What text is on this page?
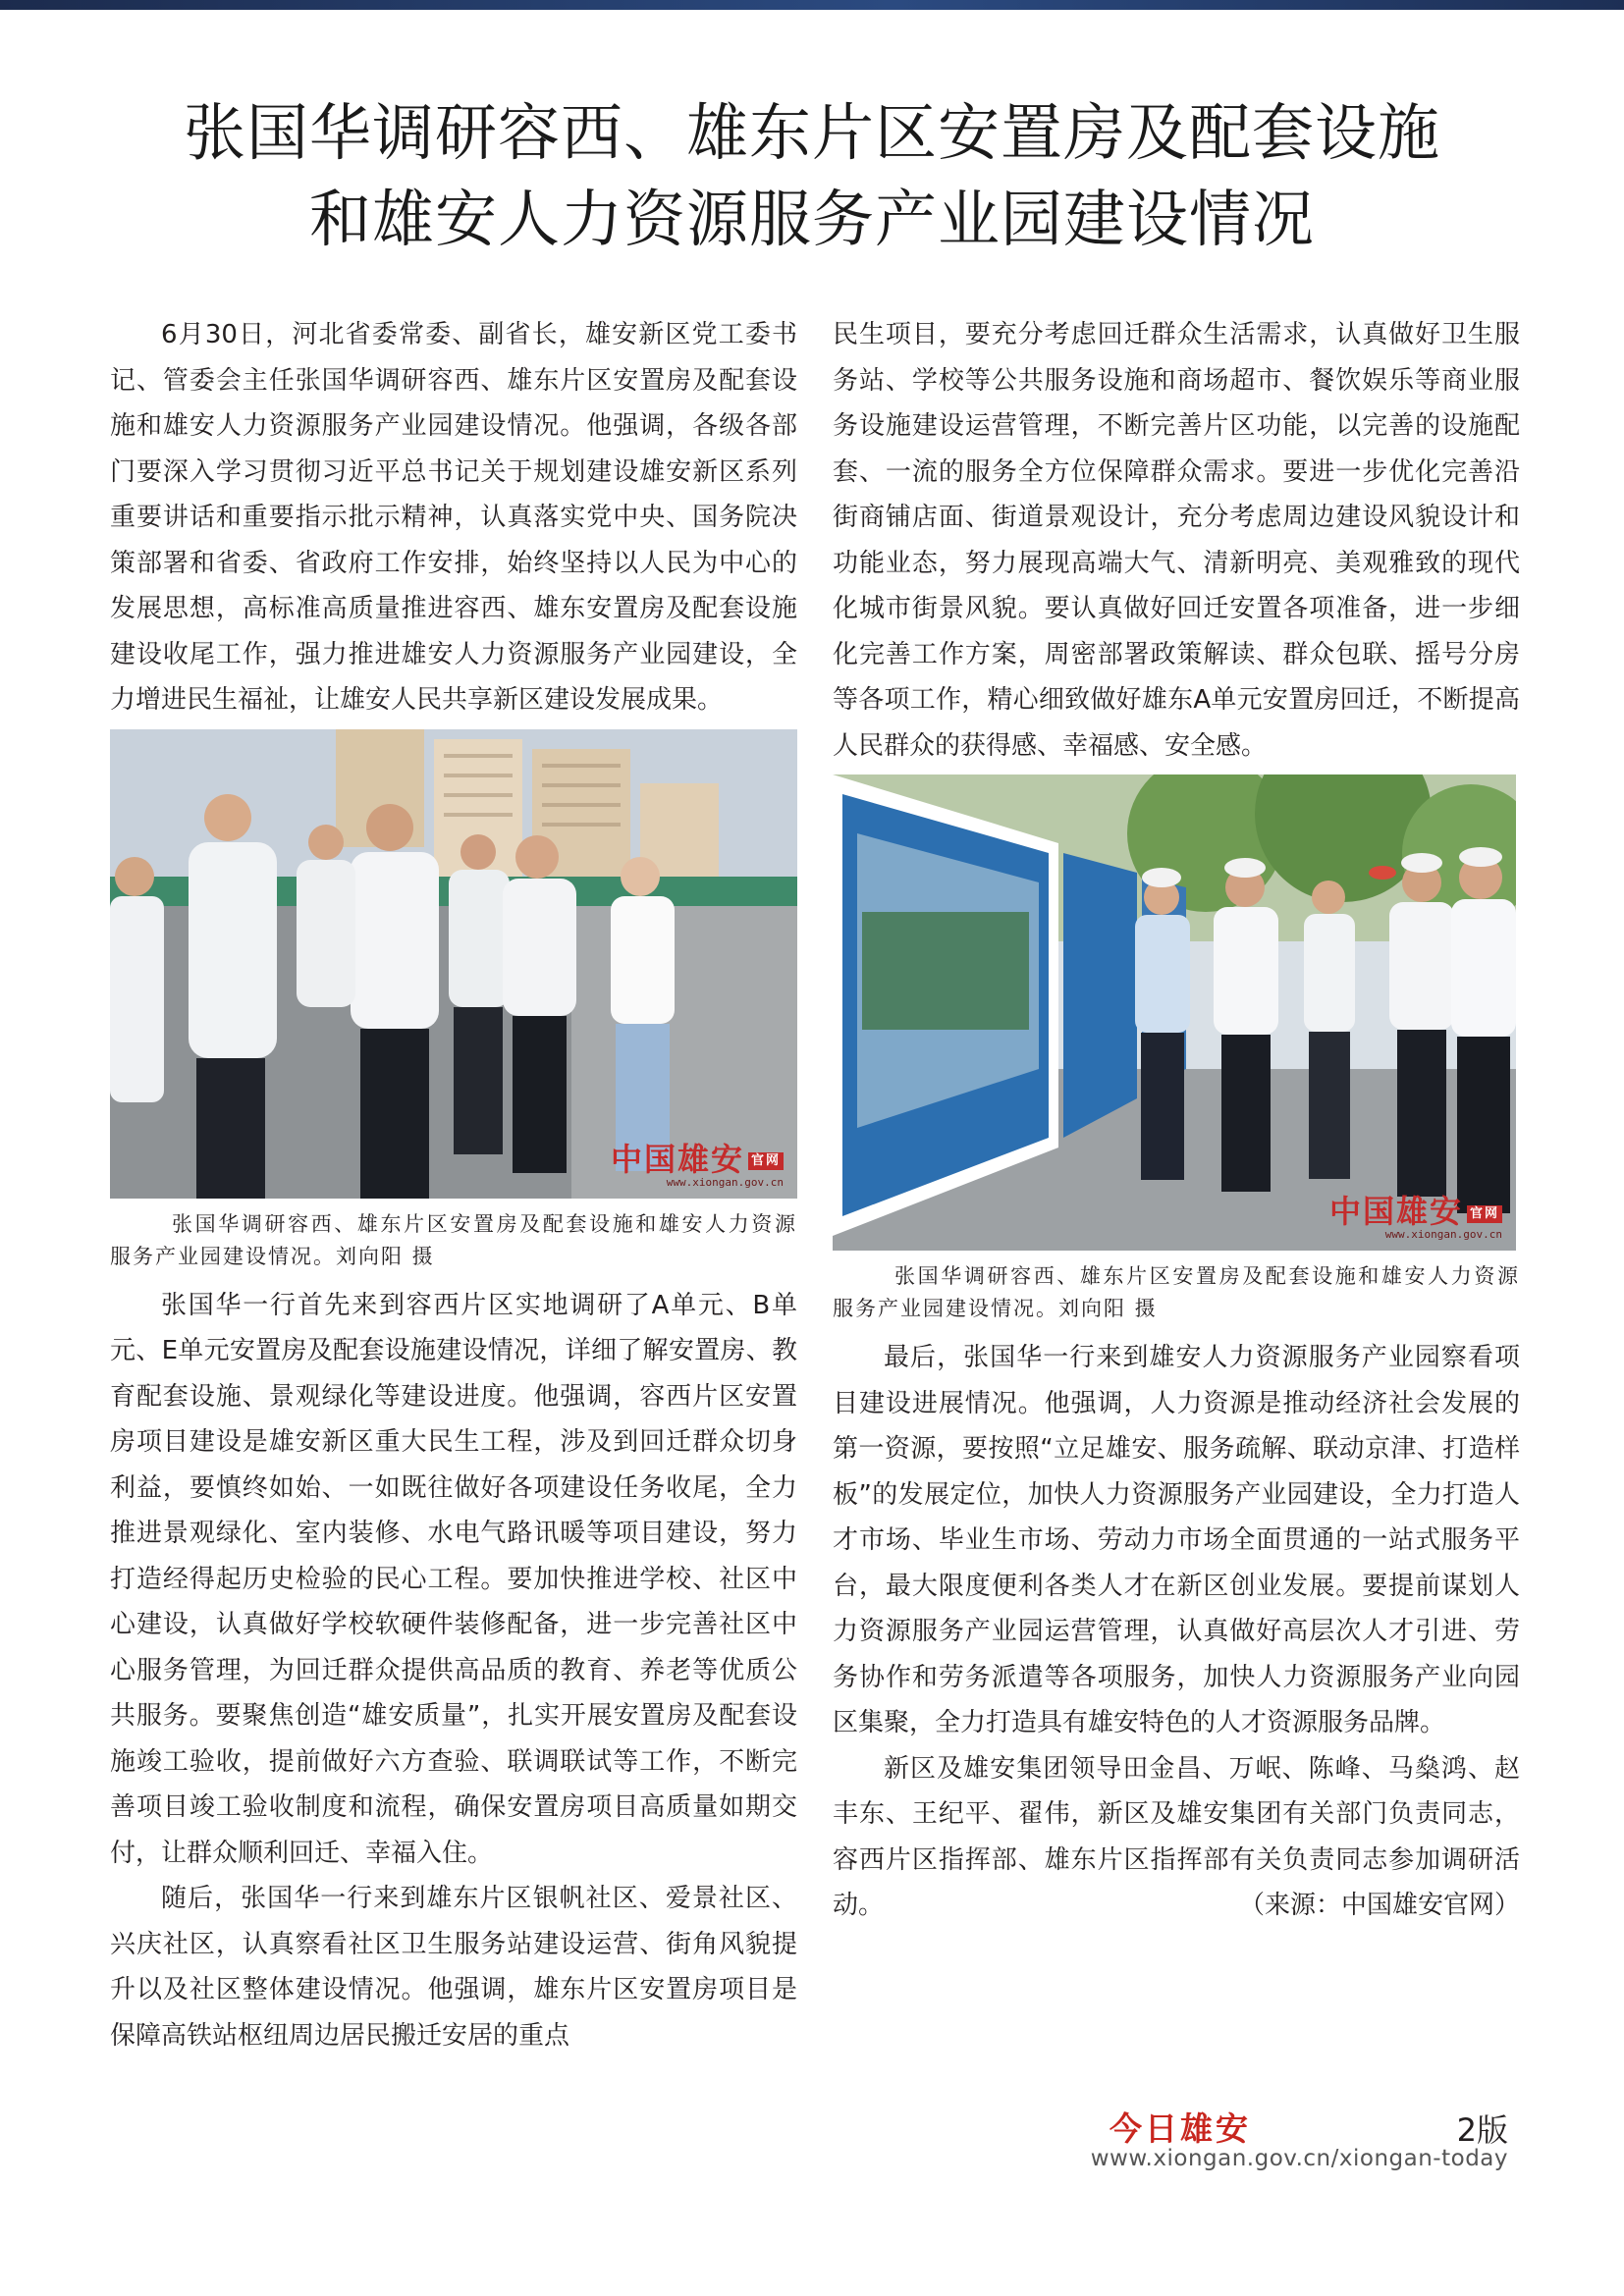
张国华调研容西、雄东片区安置房及配套设施
和雄安人力资源服务产业园建设情况

6月30日，河北省委常委、副省长，雄安新区党工委书记、管委会主任张国华调研容西、雄东片区安置房及配套设施和雄安人力资源服务产业园建设情况。他强调，各级各部门要深入学习贯彻习近平总书记关于规划建设雄安新区系列重要讲话和重要指示批示精神，认真落实党中央、国务院决策部署和省委、省政府工作安排，始终坚持以人民为中心的发展思想，高标准高质量推进容西、雄东安置房及配套设施建设收尾工作，强力推进雄安人力资源服务产业园建设，全力增进民生福祉，让雄安人民共享新区建设发展成果。

中国雄安 官网
www.xiongan.gov.cn

张国华调研容西、雄东片区安置房及配套设施和雄安人力资源服务产业园建设情况。刘向阳 摄

张国华一行首先来到容西片区实地调研了A单元、B单元、E单元安置房及配套设施建设情况，详细了解安置房、教育配套设施、景观绿化等建设进度。他强调，容西片区安置房项目建设是雄安新区重大民生工程，涉及到回迁群众切身利益，要慎终如始、一如既往做好各项建设任务收尾，全力推进景观绿化、室内装修、水电气路讯暖等项目建设，努力打造经得起历史检验的民心工程。要加快推进学校、社区中心建设，认真做好学校软硬件装修配备，进一步完善社区中心服务管理，为回迁群众提供高品质的教育、养老等优质公共服务。要聚焦创造“雄安质量”，扎实开展安置房及配套设施竣工验收，提前做好六方查验、联调联试等工作，不断完善项目竣工验收制度和流程，确保安置房项目高质量如期交付，让群众顺利回迁、幸福入住。

随后，张国华一行来到雄东片区银帆社区、爱景社区、兴庆社区，认真察看社区卫生服务站建设运营、街角风貌提升以及社区整体建设情况。他强调，雄东片区安置房项目是保障高铁站枢纽周边居民搬迁安居的重点

民生项目，要充分考虑回迁群众生活需求，认真做好卫生服务站、学校等公共服务设施和商场超市、餐饮娱乐等商业服务设施建设运营管理，不断完善片区功能，以完善的设施配套、一流的服务全方位保障群众需求。要进一步优化完善沿街商铺店面、街道景观设计，充分考虑周边建设风貌设计和功能业态，努力展现高端大气、清新明亮、美观雅致的现代化城市街景风貌。要认真做好回迁安置各项准备，进一步细化完善工作方案，周密部署政策解读、群众包联、摇号分房等各项工作，精心细致做好雄东A单元安置房回迁，不断提高人民群众的获得感、幸福感、安全感。

中国雄安 官网
www.xiongan.gov.cn

张国华调研容西、雄东片区安置房及配套设施和雄安人力资源服务产业园建设情况。刘向阳 摄

最后，张国华一行来到雄安人力资源服务产业园察看项目建设进展情况。他强调，人力资源是推动经济社会发展的第一资源，要按照“立足雄安、服务疏解、联动京津、打造样板”的发展定位，加快人力资源服务产业园建设，全力打造人才市场、毕业生市场、劳动力市场全面贯通的一站式服务平台，最大限度便利各类人才在新区创业发展。要提前谋划人力资源服务产业园运营管理，认真做好高层次人才引进、劳务协作和劳务派遣等各项服务，加快人力资源服务产业向园区集聚，全力打造具有雄安特色的人才资源服务品牌。

新区及雄安集团领导田金昌、万岷、陈峰、马燊鸿、赵丰东、王纪平、翟伟，新区及雄安集团有关部门负责同志，容西片区指挥部、雄东片区指挥部有关负责同志参加调研活动。	（来源：中国雄安官网）
今日雄安	2版
www.xiongan.gov.cn/xiongan-today
